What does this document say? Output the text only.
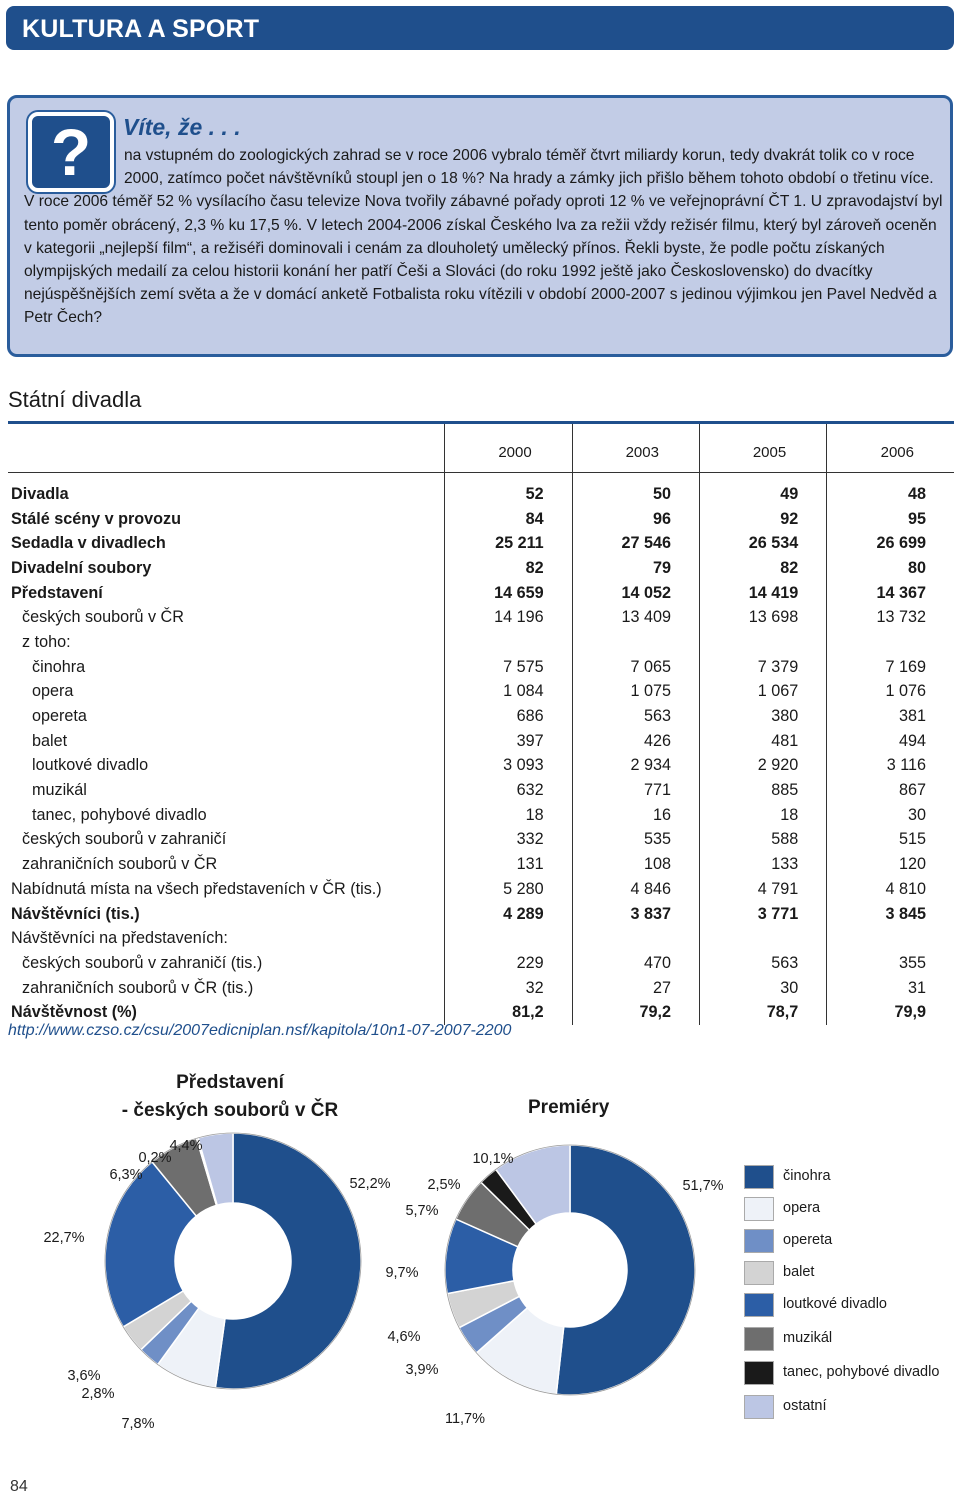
KULTURA A SPORT
?	Víte, že . . .
na vstupném do zoologických zahrad se v roce 2006 vybralo téměř čtvrt miliardy korun, tedy dvakrát tolik co v roce 2000, zatímco počet návštěvníků stoupl jen o 18 %? Na hrady a zámky jich přišlo během tohoto období o třetinu více. V roce 2006 téměř 52 % vysílacího času televize Nova tvořily zábavné pořady oproti 12 % ve veřejnoprávní ČT 1. U zpravodajství byl tento poměr obrácený, 2,3 % ku 17,5 %. V letech 2004-2006 získal Českého lva za režii vždy režisér filmu, který byl zároveň oceněn v kategorii „nejlepší film“, a režiséři dominovali i cenám za dlouholetý umělecký přínos. Řekli byste, že podle počtu získaných olympijských medailí za celou historii konání her patří Češi a Slováci (do roku 1992 ještě jako Československo) do dvacítky nejúspěšnějších zemí světa a že v domácí anketě Fotbalista roku vítězili v období 2000-2007 s jedinou výjimkou jen Pavel Nedvěd a Petr Čech?
Státní divadla

	2000	2003	2005	2006

Divadla	52	50	49	48
Stálé scény v provozu	84	96	92	95
Sedadla v divadlech	25 211	27 546	26 534	26 699
Divadelní soubory	82	79	82	80
Představení	14 659	14 052	14 419	14 367
českých souborů v ČR	14 196	13 409	13 698	13 732
z toho:				
činohra	7 575	7 065	7 379	7 169
opera	1 084	1 075	1 067	1 076
opereta	686	563	380	381
balet	397	426	481	494
loutkové divadlo	3 093	2 934	2 920	3 116
muzikál	632	771	885	867
tanec, pohybové divadlo	18	16	18	30
českých souborů v zahraničí	332	535	588	515
zahraničních souborů v ČR	131	108	133	120
Nabídnutá místa na všech představeních v ČR (tis.)	5 280	4 846	4 791	4 810
Návštěvníci (tis.)	4 289	3 837	3 771	3 845
Návštěvníci na představeních:				
českých souborů v zahraničí (tis.)	229	470	563	355
zahraničních souborů v ČR (tis.)	32	27	30	31
Návštěvnost (%)	81,2	79,2	78,7	79,9
http://www.czso.cz/csu/2007edicniplan.nsf/kapitola/10n1-07-2007-2200
Představení
- českých souborů v ČR	Premiéry
52,2%
7,8%
2,8%
3,6%
22,7%
6,3%
0,2%
4,4%
51,7%
11,7%
3,9%
4,6%
9,7%
5,7%
2,5%
10,1%
činohra
opera
opereta
balet
loutkové divadlo
muzikál
tanec, pohybové divadlo
ostatní
84
